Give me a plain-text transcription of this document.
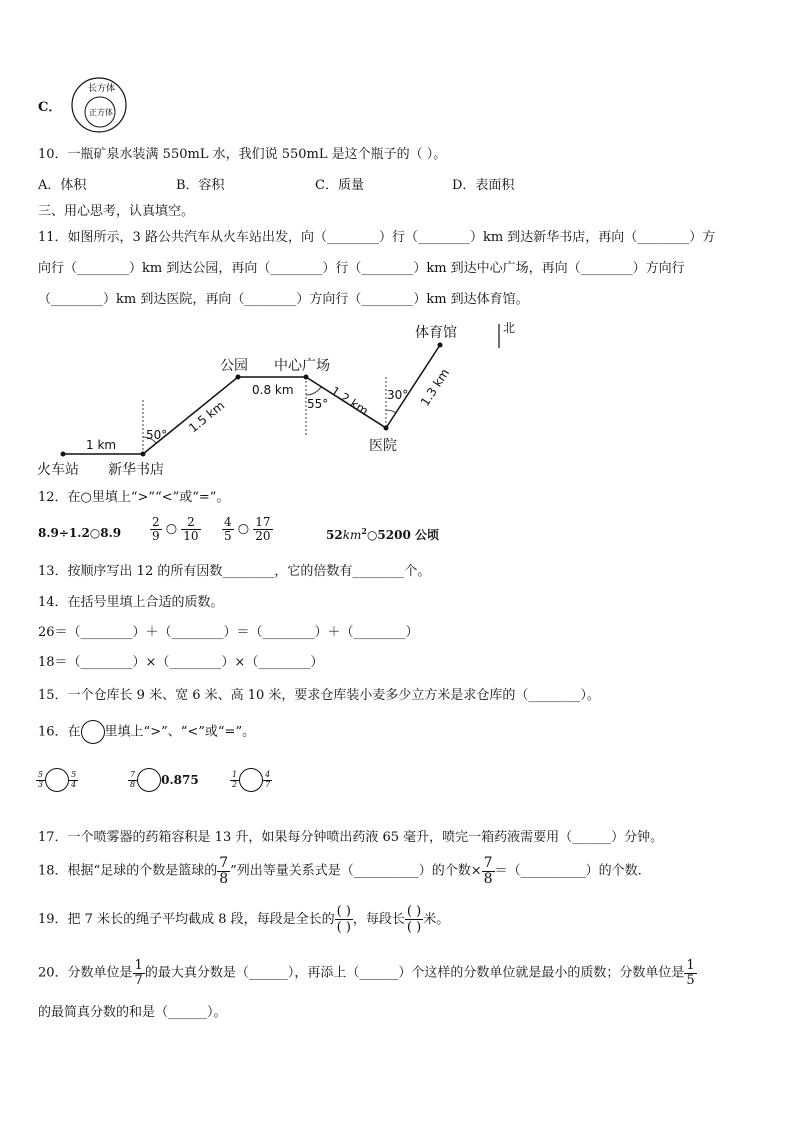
C．
长方体
正方体
10．一瓶矿泉水装满 550mL 水，我们说 550mL 是这个瓶子的（ ）。
A．体积	B．容积	C．质量	D．表面积
三、用心思考，认真填空。
11．如图所示，3 路公共汽车从火车站出发，向（________）行（________）km 到达新华书店，再向（________）方
向行（________）km 到达公园，再向（________）行（________）km 到达中心广场，再向（________）方向行
（________）km 到达医院，再向（________）方向行（________）km 到达体育馆。
火车站 新华书店
公园 中心广场
医院
体育馆	北
1 km
0.8 km
1.5 km	1.2 km	1.3 km
50°
55°
30°
12．在○里填上“>”“<”或“=”。
8.9÷1.2○8.9 $\frac{2}{9}$ ○ $\frac{2}{10} \frac{4}{5}$ ○ $\frac{17}{20}$	$52km^2○5200$ 公顷
13．按顺序写出 12 的所有因数________，它的倍数有________个。
14．在括号里填上合适的质数。
26＝（________）＋（________）＝（________）＋（________）
18＝（________）×（________）×（________）
15．一个仓库长 9 米、宽 6 米、高 10 米，要求仓库装小麦多少立方米是求仓库的（________）。
16．在 里填上“>”、“<”或“=”。
$\frac{5}{3}$	$\frac{5}{4}$	$\frac{7}{8} 0.875$	$\frac{1}{2}$	$\frac{4}{7}$
17．一个喷雾器的药箱容积是 13 升，如果每分钟喷出药液 65 毫升，喷完一箱药液需要用（______）分钟。
18．根据“足球的个数是篮球的 $\frac{7}{8}$ ”列出等量关系式是（__________）的个数× $\frac{7}{8}$ ＝（__________）的个数.
19．把 7 米长的绳子平均截成 8 段，每段是全长的
( )
( )
，每段长
( )
( )
米。
20．分数单位是 $\frac{1}{7}$ 的最大真分数是（______），再添上（______）个这样的分数单位就是最小的质数；分数单位是 $\frac{1}{5}$
的最简真分数的和是（______）。
